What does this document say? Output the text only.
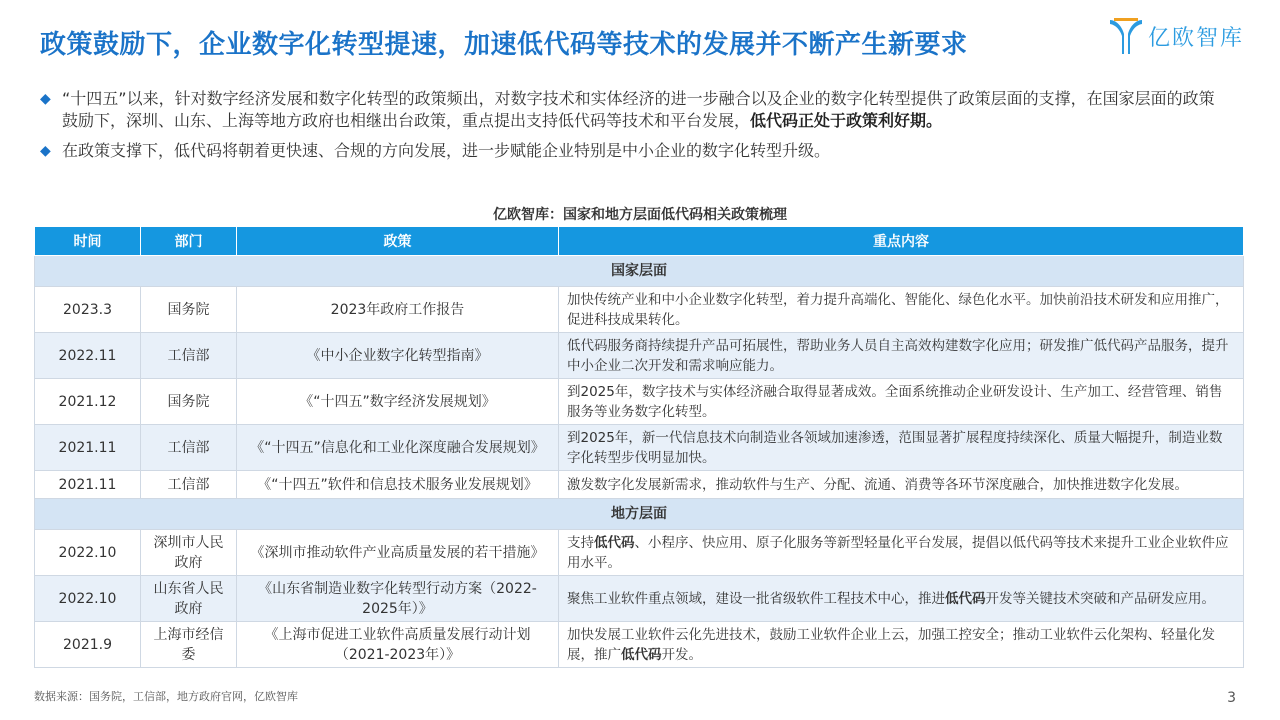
政策鼓励下，企业数字化转型提速，加速低代码等技术的发展并不断产生新要求	亿欧智库
◆ “十四五”以来，针对数字经济发展和数字化转型的政策频出，对数字技术和实体经济的进一步融合以及企业的数字化转型提供了政策层面的支撑，在国家层面的政策鼓励下，深圳、山东、上海等地方政府也相继出台政策，重点提出支持低代码等技术和平台发展，低代码正处于政策利好期。
◆ 在政策支撑下，低代码将朝着更快速、合规的方向发展，进一步赋能企业特别是中小企业的数字化转型升级。
亿欧智库：国家和地方层面低代码相关政策梳理
时间	部门	政策	重点内容
国家层面			
2023.3	国务院	2023年政府工作报告	加快传统产业和中小企业数字化转型，着力提升高端化、智能化、绿色化水平。加快前沿技术研发和应用推广，促进科技成果转化。
2022.11	工信部	《中小企业数字化转型指南》	低代码服务商持续提升产品可拓展性，帮助业务人员自主高效构建数字化应用；研发推广低代码产品服务，提升中小企业二次开发和需求响应能力。
2021.12	国务院	《“十四五”数字经济发展规划》	到2025年，数字技术与实体经济融合取得显著成效。全面系统推动企业研发设计、生产加工、经营管理、销售服务等业务数字化转型。
2021.11	工信部	《“十四五”信息化和工业化深度融合发展规划》	到2025年，新一代信息技术向制造业各领域加速渗透，范围显著扩展程度持续深化、质量大幅提升，制造业数字化转型步伐明显加快。
2021.11	工信部	《“十四五”软件和信息技术服务业发展规划》	激发数字化发展新需求，推动软件与生产、分配、流通、消费等各环节深度融合，加快推进数字化发展。
地方层面			
2022.10	深圳市人民政府	《深圳市推动软件产业高质量发展的若干措施》	支持低代码、小程序、快应用、原子化服务等新型轻量化平台发展，提倡以低代码等技术来提升工业企业软件应用水平。
2022.10	山东省人民政府	《山东省制造业数字化转型行动方案（2022-2025年）》	聚焦工业软件重点领域，建设一批省级软件工程技术中心，推进低代码开发等关键技术突破和产品研发应用。
2021.9	上海市经信委	《上海市促进工业软件高质量发展行动计划（2021-2023年）》	加快发展工业软件云化先进技术，鼓励工业软件企业上云，加强工控安全；推动工业软件云化架构、轻量化发展，推广低代码开发。
数据来源：国务院，工信部，地方政府官网，亿欧智库	3
